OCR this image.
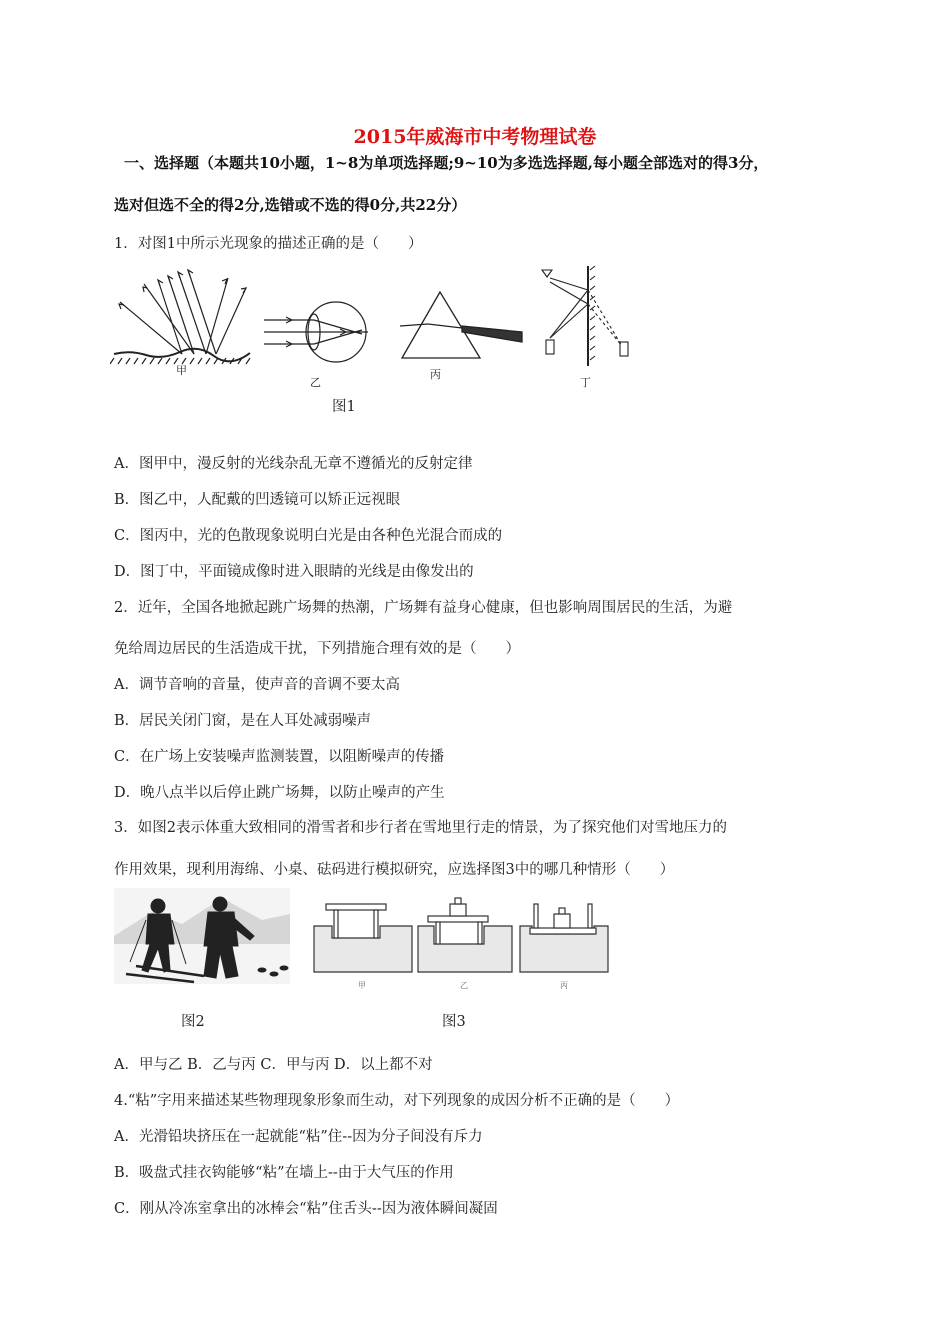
2015年威海市中考物理试卷
一、选择题（本题共10小题，1~8为单项选择题;9~10为多选选择题,每小题全部选对的得3分，
选对但选不全的得2分,选错或不选的得0分,共22分）
1．对图1中所示光现象的描述正确的是（　　）
甲
乙
丙
丁
图1
A．图甲中，漫反射的光线杂乱无章不遵循光的反射定律
B．图乙中，人配戴的凹透镜可以矫正远视眼
C．图丙中，光的色散现象说明白光是由各种色光混合而成的
D．图丁中，平面镜成像时进入眼睛的光线是由像发出的
2．近年，全国各地掀起跳广场舞的热潮，广场舞有益身心健康，但也影响周围居民的生活，为避
免给周边居民的生活造成干扰，下列措施合理有效的是（　　）
A．调节音响的音量，使声音的音调不要太高
B．居民关闭门窗，是在人耳处减弱噪声
C．在广场上安装噪声监测装置，以阻断噪声的传播
D．晚八点半以后停止跳广场舞，以防止噪声的产生
3．如图2表示体重大致相同的滑雪者和步行者在雪地里行走的情景，为了探究他们对雪地压力的
作用效果，现利用海绵、小桌、砝码进行模拟研究，应选择图3中的哪几种情形（　　）
甲	乙	丙
图2	图3
A．甲与乙 B．乙与丙 C．甲与丙 D．以上都不对
4.“粘”字用来描述某些物理现象形象而生动，对下列现象的成因分析不正确的是（　　）
A．光滑铅块挤压在一起就能“粘”住--因为分子间没有斥力
B．吸盘式挂衣钩能够“粘”在墙上--由于大气压的作用
C．刚从冷冻室拿出的冰棒会“粘”住舌头--因为液体瞬间凝固
